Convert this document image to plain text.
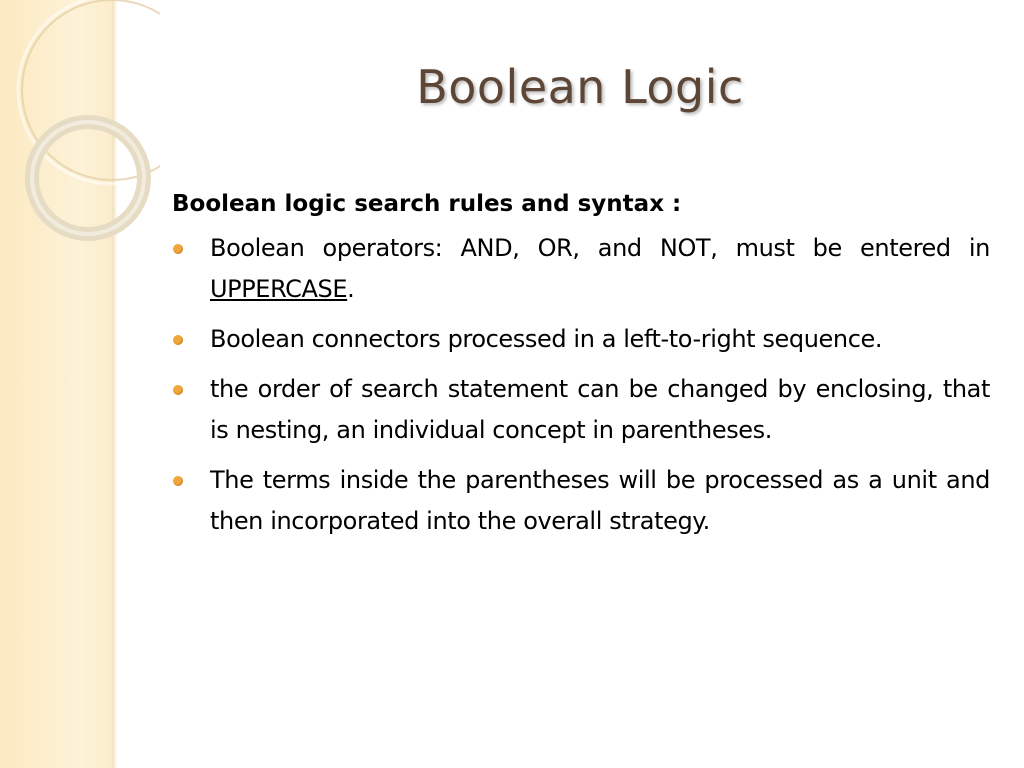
Boolean Logic
Boolean logic search rules and syntax :
Boolean operators: AND, OR, and NOT, must be entered in UPPERCASE.
Boolean connectors processed in a left-to-right sequence.
the order of search statement can be changed by enclosing, that is nesting, an individual concept in parentheses.
The terms inside the parentheses will be processed as a unit and then incorporated into the overall strategy.
